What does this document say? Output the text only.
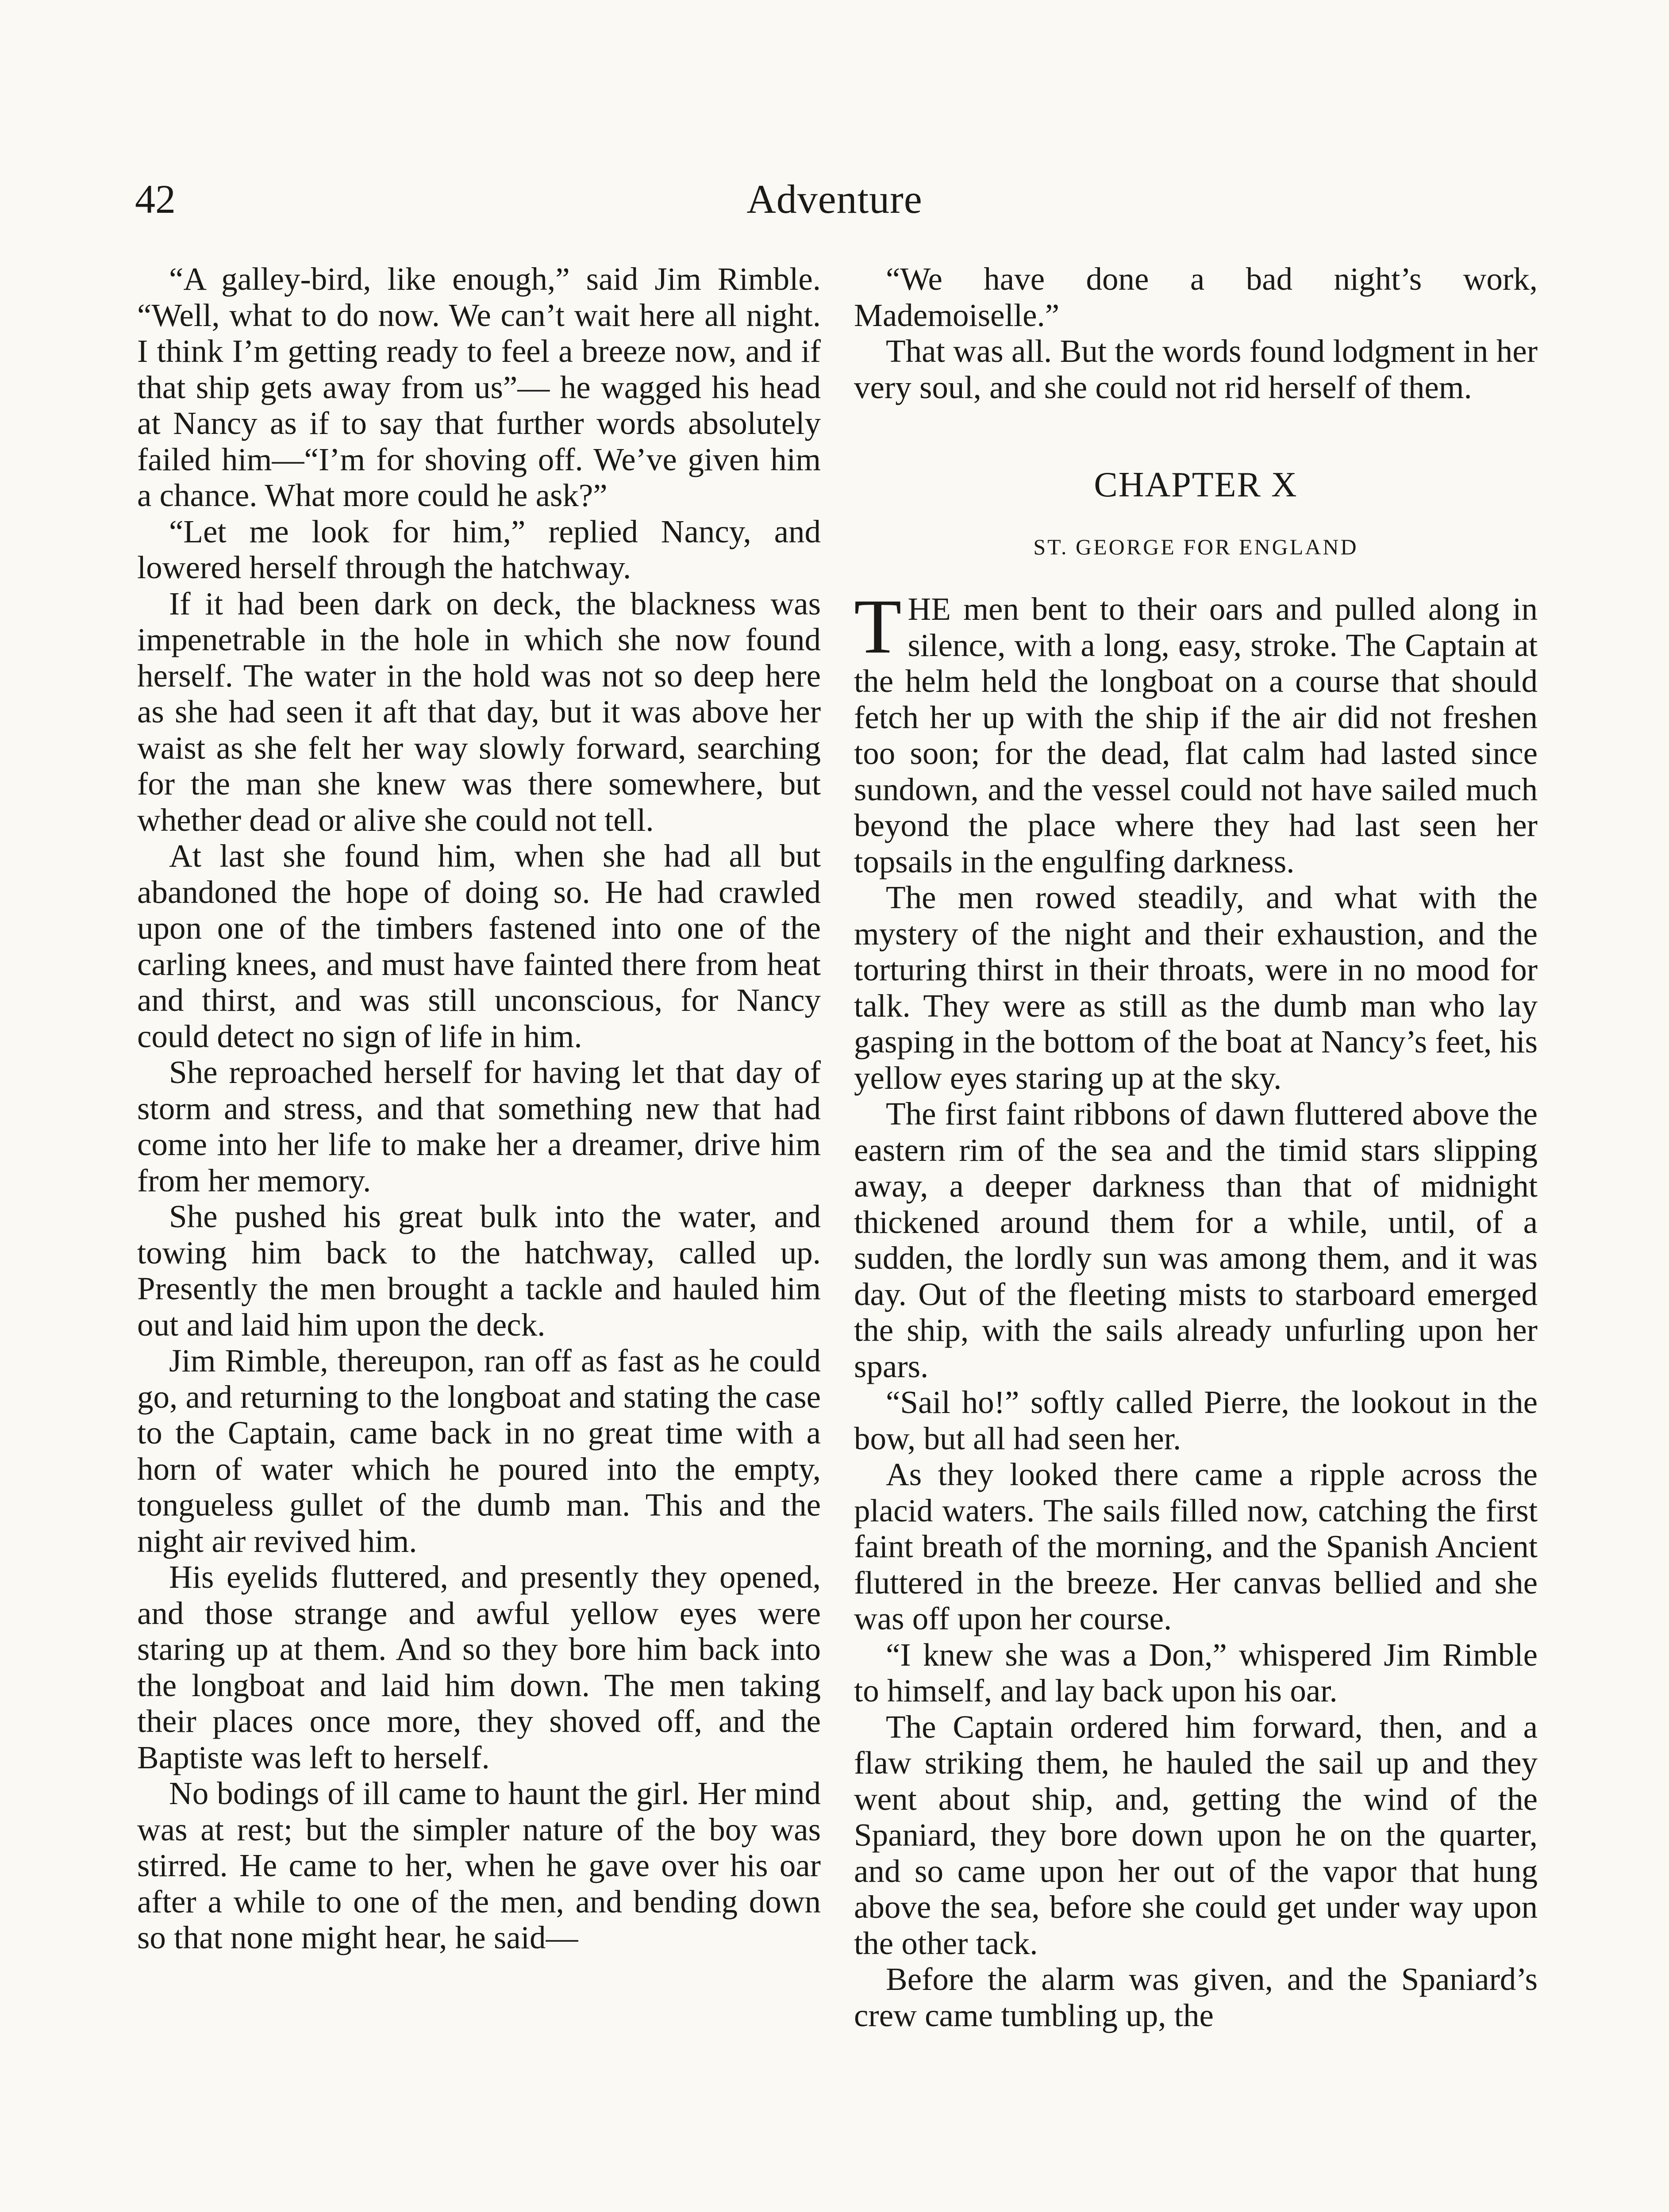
42	Adventure

“A galley-bird, like enough,” said Jim Rimble. “Well, what to do now. We can’t wait here all night. I think I’m getting ready to feel a breeze now, and if that ship gets away from us”— he wagged his head at Nancy as if to say that further words absolutely failed him—“I’m for shoving off. We’ve given him a chance. What more could he ask?”

“Let me look for him,” replied Nancy, and lowered herself through the hatchway.

If it had been dark on deck, the blackness was impenetrable in the hole in which she now found herself. The water in the hold was not so deep here as she had seen it aft that day, but it was above her waist as she felt her way slowly forward, searching for the man she knew was there somewhere, but whether dead or alive she could not tell.

At last she found him, when she had all but abandoned the hope of doing so. He had crawled upon one of the timbers fastened into one of the carling knees, and must have fainted there from heat and thirst, and was still unconscious, for Nancy could detect no sign of life in him.

She reproached herself for having let that day of storm and stress, and that something new that had come into her life to make her a dreamer, drive him from her memory.

She pushed his great bulk into the water, and towing him back to the hatchway, called up. Presently the men brought a tackle and hauled him out and laid him upon the deck.

Jim Rimble, thereupon, ran off as fast as he could go, and returning to the longboat and stating the case to the Captain, came back in no great time with a horn of water which he poured into the empty, tongueless gullet of the dumb man. This and the night air revived him.

His eyelids fluttered, and presently they opened, and those strange and awful yellow eyes were staring up at them. And so they bore him back into the longboat and laid him down. The men taking their places once more, they shoved off, and the Baptiste was left to herself.

No bodings of ill came to haunt the girl. Her mind was at rest; but the simpler nature of the boy was stirred. He came to her, when he gave over his oar after a while to one of the men, and bending down so that none might hear, he said—

“We have done a bad night’s work, Mademoiselle.”

That was all. But the words found lodgment in her very soul, and she could not rid herself of them.

CHAPTER X
ST. GEORGE FOR ENGLAND

THE men bent to their oars and pulled along in silence, with a long, easy, stroke. The Captain at the helm held the longboat on a course that should fetch her up with the ship if the air did not freshen too soon; for the dead, flat calm had lasted since sundown, and the vessel could not have sailed much beyond the place where they had last seen her topsails in the engulfing darkness.

The men rowed steadily, and what with the mystery of the night and their exhaustion, and the torturing thirst in their throats, were in no mood for talk. They were as still as the dumb man who lay gasping in the bottom of the boat at Nancy’s feet, his yellow eyes staring up at the sky.

The first faint ribbons of dawn fluttered above the eastern rim of the sea and the timid stars slipping away, a deeper darkness than that of midnight thickened around them for a while, until, of a sudden, the lordly sun was among them, and it was day. Out of the fleeting mists to starboard emerged the ship, with the sails already unfurling upon her spars.

“Sail ho!” softly called Pierre, the lookout in the bow, but all had seen her.

As they looked there came a ripple across the placid waters. The sails filled now, catching the first faint breath of the morning, and the Spanish Ancient fluttered in the breeze. Her canvas bellied and she was off upon her course.

“I knew she was a Don,” whispered Jim Rimble to himself, and lay back upon his oar.

The Captain ordered him forward, then, and a flaw striking them, he hauled the sail up and they went about ship, and, getting the wind of the Spaniard, they bore down upon he on the quarter, and so came upon her out of the vapor that hung above the sea, before she could get under way upon the other tack.

Before the alarm was given, and the Spaniard’s crew came tumbling up, the
